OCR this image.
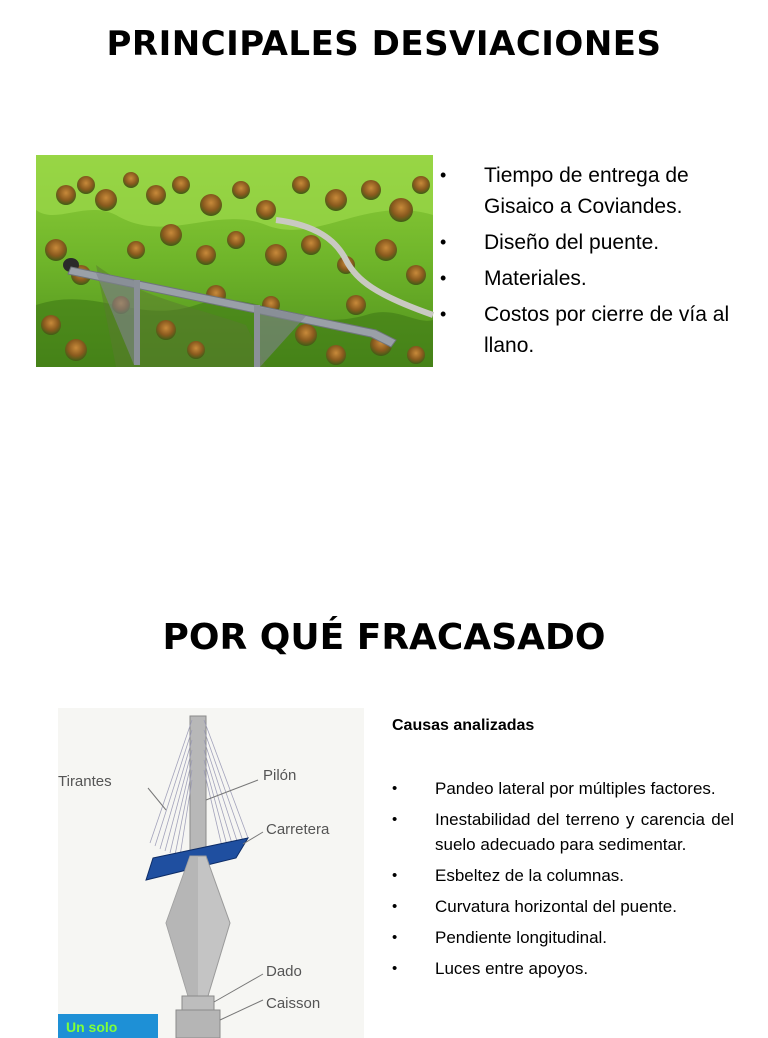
PRINCIPALES DESVIACIONES
• Tiempo de entrega de Gisaico a Coviandes.
• Diseño del puente.
• Materiales.
• Costos por cierre de vía al llano.
POR QUÉ FRACASADO
Tirantes	Pilón
Carretera
Dado
Caisson
Un solo
Causas analizadas
• Pandeo lateral por múltiples factores.
• Inestabilidad del terreno y carencia del suelo adecuado para sedimentar.
• Esbeltez de la columnas.
• Curvatura horizontal del puente.
• Pendiente longitudinal.
• Luces entre apoyos.
